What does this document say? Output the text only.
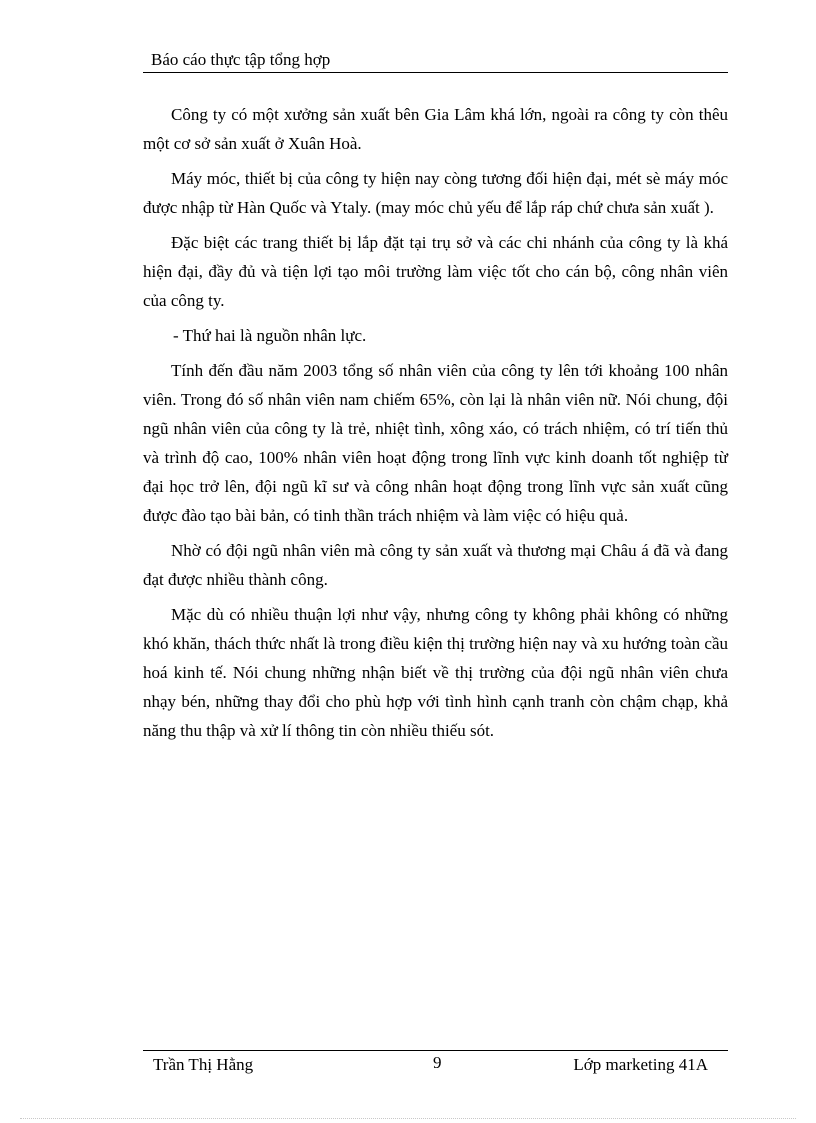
Báo cáo thực tập tổng hợp

Công ty có một xưởng sản xuất bên Gia Lâm khá lớn, ngoài ra công ty còn thêu một cơ sở sản xuất ở Xuân Hoà.

Máy móc, thiết bị của công ty hiện nay còng tương đối hiện đại, mét sè máy móc được nhập từ Hàn Quốc và Ytaly. (may móc chủ yếu để lắp ráp chứ chưa sản xuất ).

Đặc biệt các trang thiết bị lắp đặt tại trụ sở và các chi nhánh của công ty là khá hiện đại, đầy đủ và tiện lợi tạo môi trường làm việc tốt cho cán bộ, công nhân viên của công ty.

- Thứ hai là nguồn nhân lực.

Tính đến đầu năm 2003 tổng số nhân viên của công ty lên tới khoảng 100 nhân viên. Trong đó số nhân viên nam chiếm 65%, còn lại là nhân viên nữ. Nói chung, đội ngũ nhân viên của công ty là trẻ, nhiệt tình, xông xáo, có trách nhiệm, có trí tiến thủ và trình độ cao, 100% nhân viên hoạt động trong lĩnh vực kinh doanh tốt nghiệp từ đại học trở lên, đội ngũ kĩ sư và công nhân hoạt động trong lĩnh vực sản xuất cũng được đào tạo bài bản, có tinh thần trách nhiệm và làm việc có hiệu quả.

Nhờ có đội ngũ nhân viên mà công ty sản xuất và thương mại Châu á đã và đang đạt được nhiều thành công.

Mặc dù có nhiều thuận lợi như vậy, nhưng công ty không phải không có những khó khăn, thách thức nhất là trong điều kiện thị trường hiện nay và xu hướng toàn cầu hoá kinh tế. Nói chung những nhận biết về thị trường của đội ngũ nhân viên chưa nhạy bén, những thay đổi cho phù hợp với tình hình cạnh tranh còn chậm chạp, khả năng thu thập và xử lí thông tin còn nhiều thiếu sót.

Trần Thị Hằng	9	Lớp marketing 41A
